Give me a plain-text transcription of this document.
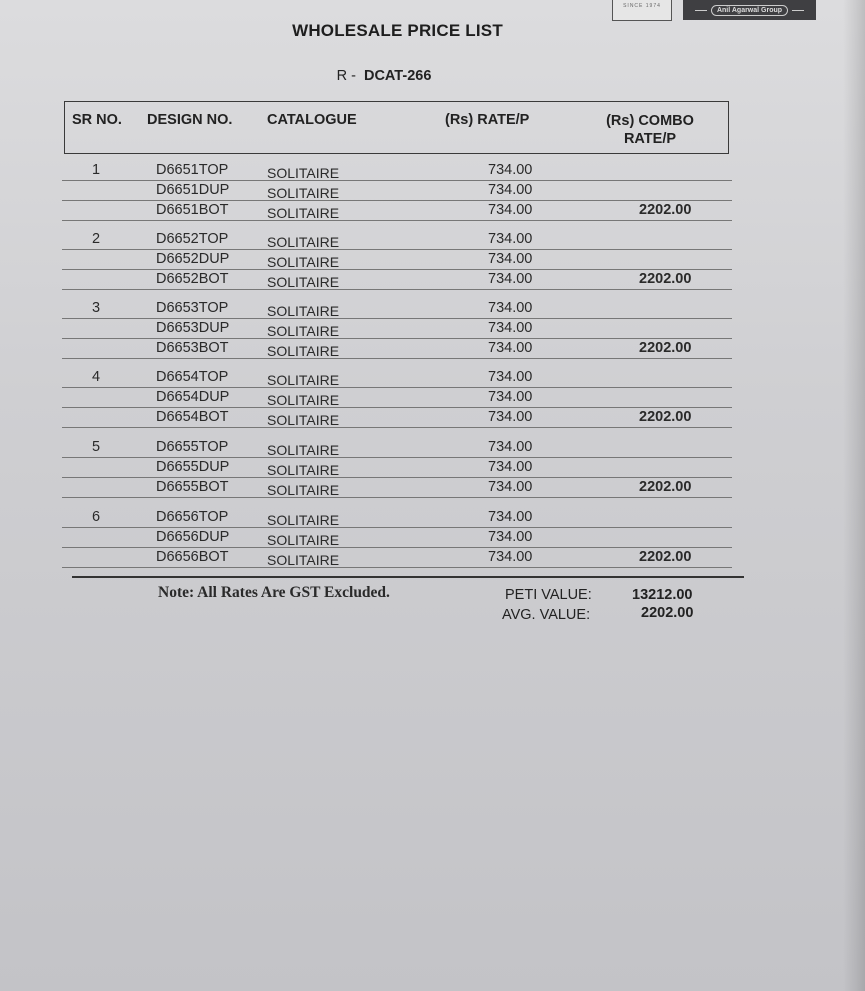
SINCE 1974
Anil Agarwal Group
WHOLESALE PRICE LIST
R - DCAT-266
SR NO. DESIGN NO. CATALOGUE	(Rs) RATE/P	(Rs) COMBO RATE/P
1	D6651TOP	SOLITAIRE	734.00
D6651DUP	SOLITAIRE	734.00
D6651BOT	SOLITAIRE	734.00	2202.00
2	D6652TOP	SOLITAIRE	734.00
D6652DUP	SOLITAIRE	734.00
D6652BOT	SOLITAIRE	734.00	2202.00
3	D6653TOP	SOLITAIRE	734.00
D6653DUP	SOLITAIRE	734.00
D6653BOT	SOLITAIRE	734.00	2202.00
4	D6654TOP	SOLITAIRE	734.00
D6654DUP	SOLITAIRE	734.00
D6654BOT	SOLITAIRE	734.00	2202.00
5	D6655TOP	SOLITAIRE	734.00
D6655DUP	SOLITAIRE	734.00
D6655BOT	SOLITAIRE	734.00	2202.00
6	D6656TOP	SOLITAIRE	734.00
D6656DUP	SOLITAIRE	734.00
D6656BOT	SOLITAIRE	734.00	2202.00
Note: All Rates Are GST Excluded.	PETI VALUE:	13212.00
AVG. VALUE:	2202.00
